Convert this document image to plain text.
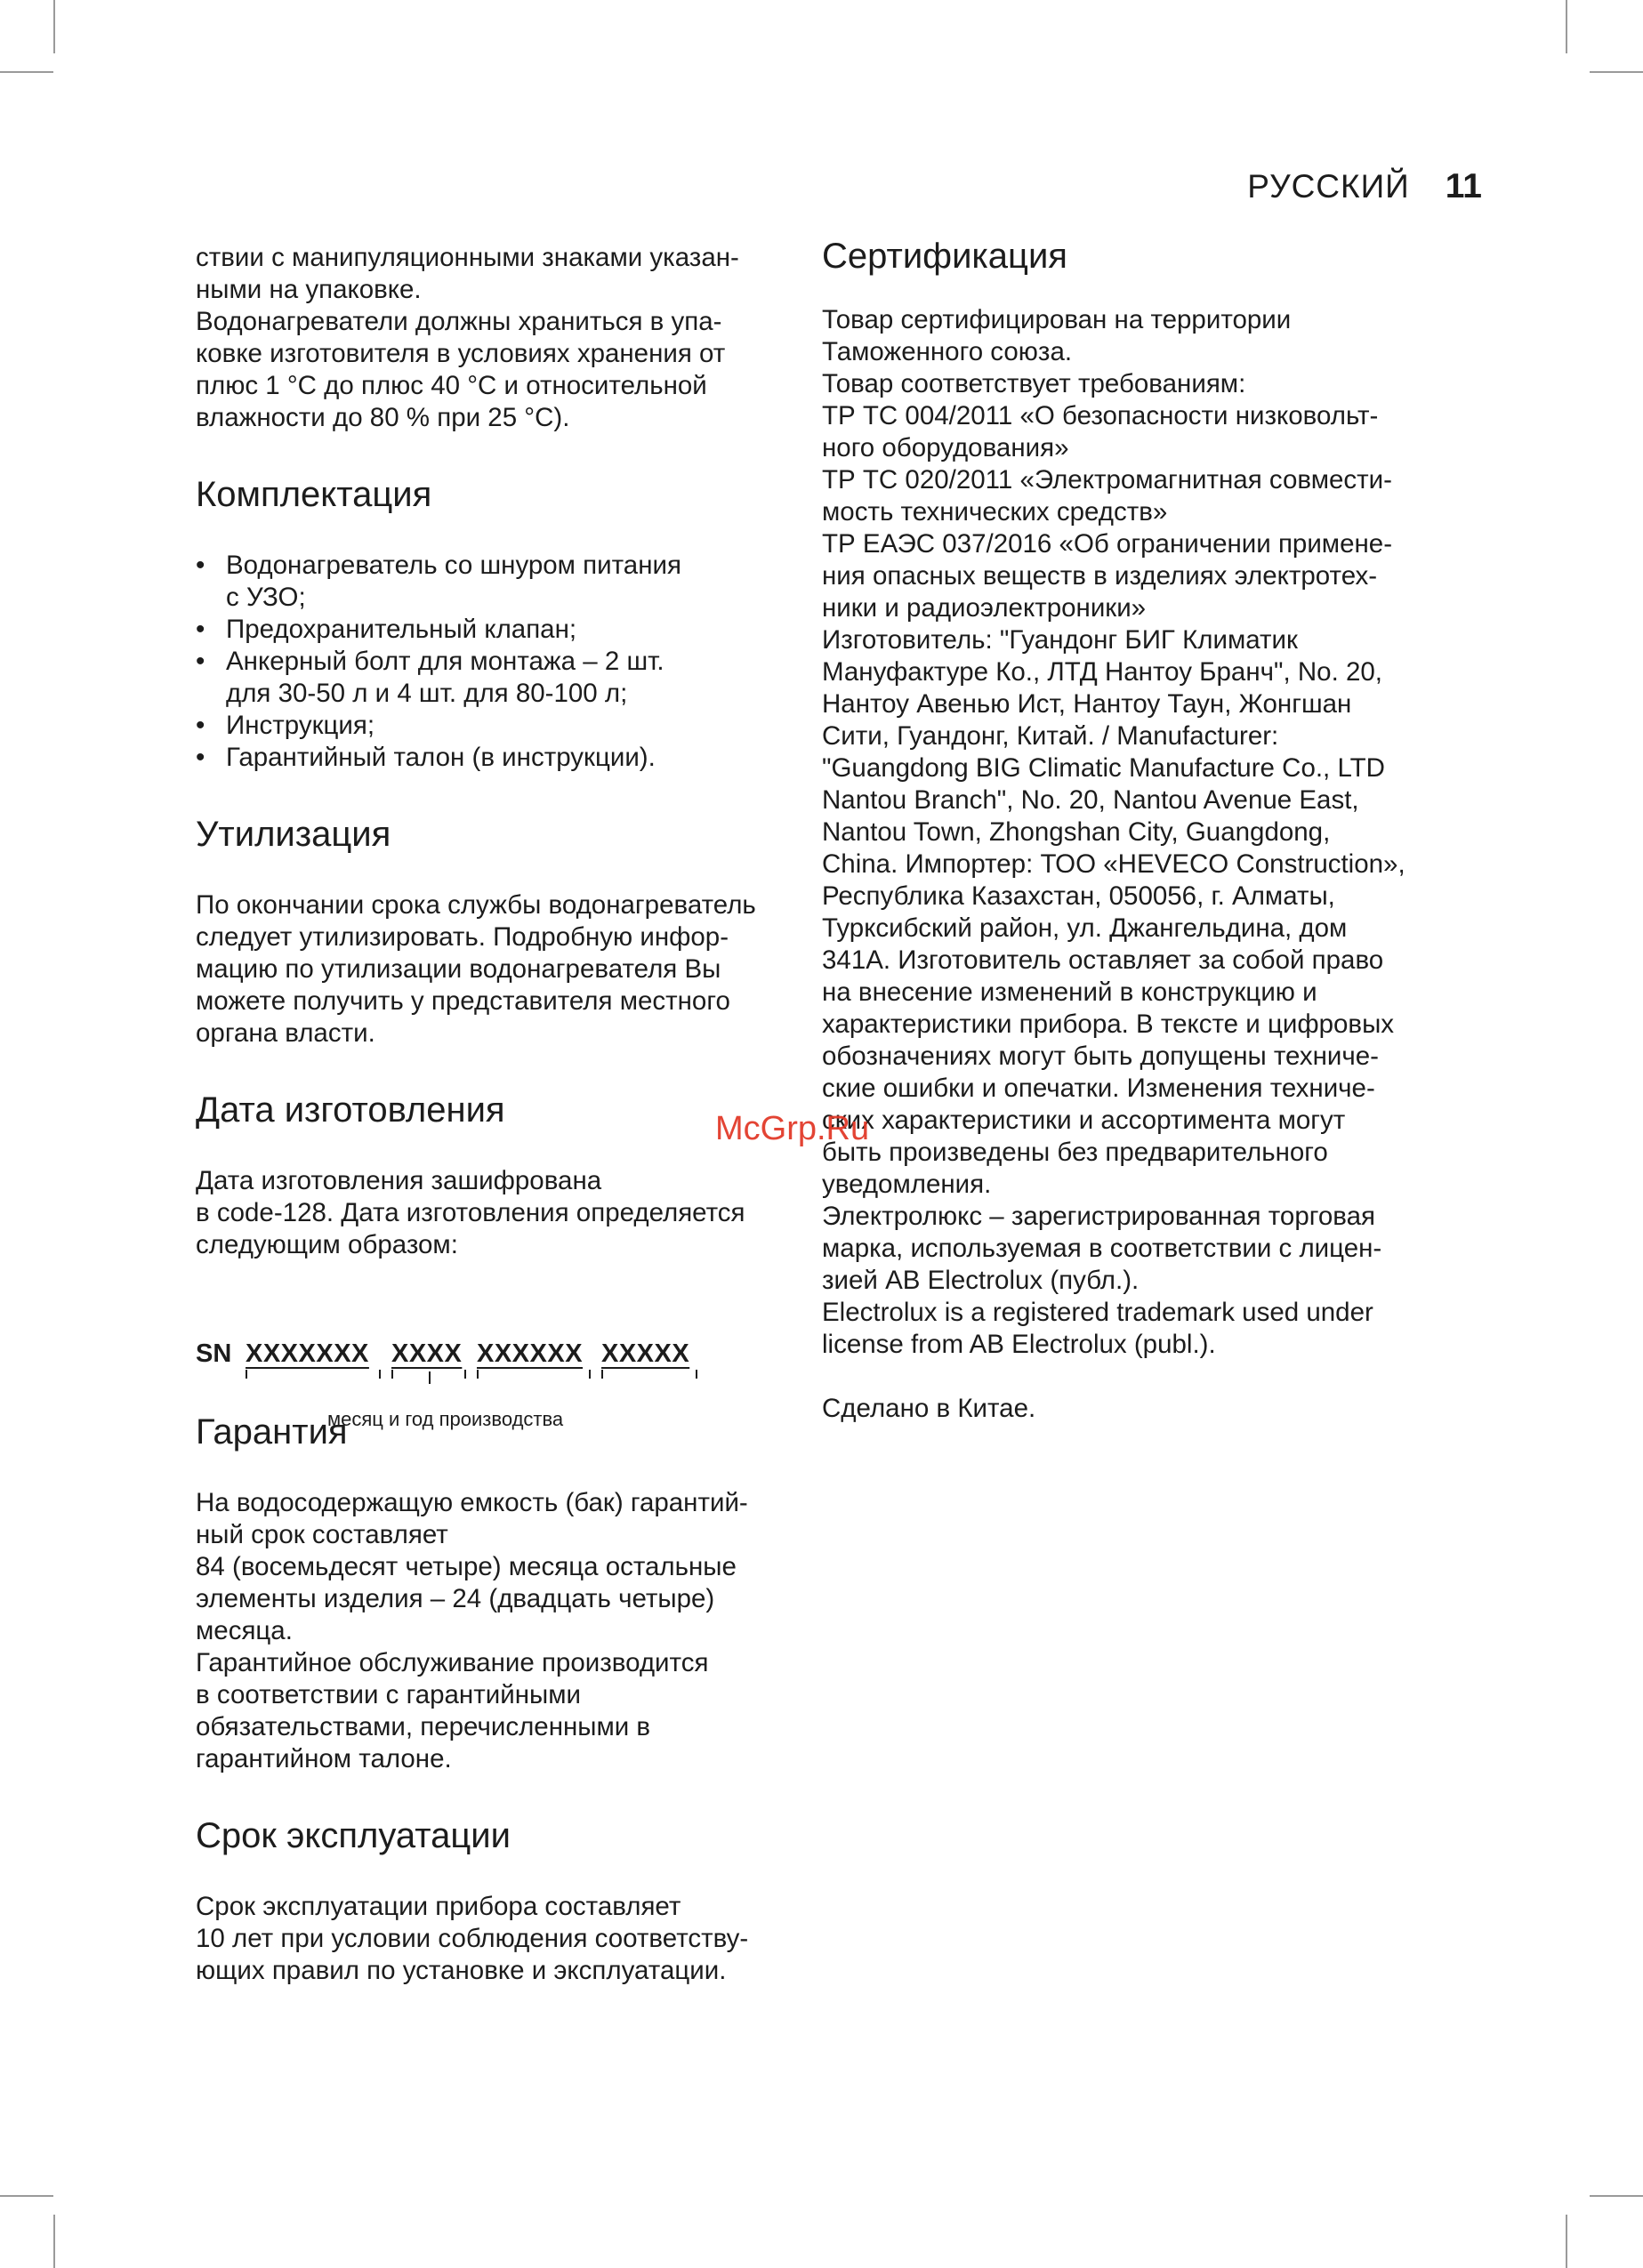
РУССКИЙ 11

ствии с манипуляционными знаками указан-
ными на упаковке.
Водонагреватели должны храниться в упа-
ковке изготовителя в условиях хранения от
плюс 1 °С до плюс 40 °С и относительной
влажности до 80 % при 25 °С).

Комплектация
• Водонагреватель со шнуром питания
с УЗО;
• Предохранительный клапан;
• Анкерный болт для монтажа – 2 шт.
для 30-50 л и 4 шт. для 80-100 л;
• Инструкция;
• Гарантийный талон (в инструкции).
Утилизация

По окончании срока службы водонагреватель
следует утилизировать. Подробную инфор-
мацию по утилизации водонагревателя Вы
можете получить у представителя местного
органа власти.

Дата изготовления

Дата изготовления зашифрована
в code-128. Дата изготовления определяется
следующим образом:

SN XXXXXXX XXXX XXXXXX XXXXX
месяц и год производства
Гарантия

На водосодержащую емкость (бак) гарантий-
ный срок составляет
84 (восемьдесят четыре) месяца остальные
элементы изделия – 24 (двадцать четыре)
месяца.
Гарантийное обслуживание производится
в соответствии с гарантийными
обязательствами, перечисленными в
гарантийном талоне.

Срок эксплуатации

Срок эксплуатации прибора составляет
10 лет при условии соблюдения соответству-
ющих правил по установке и эксплуатации.

Сертификация

Товар сертифицирован на территории
Таможенного союза.
Товар соответствует требованиям:
ТР ТС 004/2011 «О безопасности низковольт-
ного оборудования»
ТР ТС 020/2011 «Электромагнитная совмести-
мость технических средств»
ТР ЕАЭС 037/2016 «Об ограничении примене-
ния опасных веществ в изделиях электротех-
ники и радиоэлектроники»
Изготовитель: "Гуандонг БИГ Климатик
Мануфактуре Ко., ЛТД Нантоу Бранч", No. 20,
Нантоу Авенью Ист, Нантоу Таун, Жонгшан
Сити, Гуандонг, Китай. / Manufacturer:
"Guangdong BIG Climatic Manufacture Co., LTD
Nantou Branch", No. 20, Nantou Avenue East,
Nantou Town, Zhongshan City, Guangdong,
China. Импортер: ТОО «HEVECO Construction»,
Республика Казахстан, 050056, г. Алматы,
Турксибский район, ул. Джангельдина, дом
341А. Изготовитель оставляет за собой право
на внесение изменений в конструкцию и
характеристики прибора. В тексте и цифровых
обозначениях могут быть допущены техниче-
ские ошибки и опечатки. Изменения техниче-
ских характеристики и ассортимента могут
быть произведены без предварительного
уведомления.
Электролюкс – зарегистрированная торговая
марка, используемая в соответствии с лицен-
зией АВ Electrolux (публ.).
Electrolux is a registered trademark used under
license from AB Electrolux (publ.).

Сделано в Китае.

McGrp.Ru
